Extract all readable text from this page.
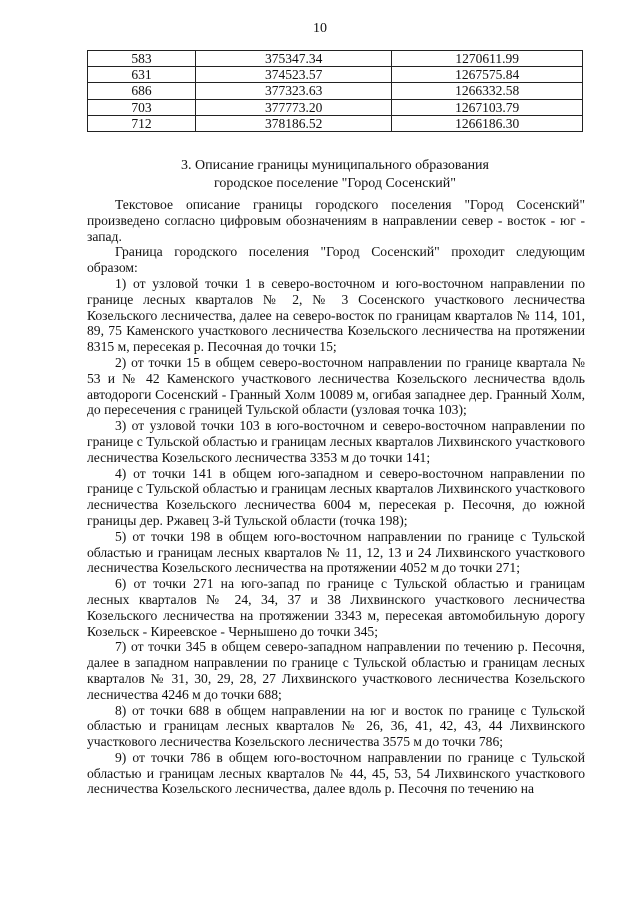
10
583	375347.34	1270611.99
631	374523.57	1267575.84
686	377323.63	1266332.58
703	377773.20	1267103.79
712	378186.52	1266186.30
3. Описание границы муниципального образования
городское поселение "Город Сосенский"

Текстовое описание границы городского поселения "Город Сосенский" произведено согласно цифровым обозначениям в направлении север - восток - юг - запад.

Граница городского поселения "Город Сосенский" проходит следующим образом:

1) от узловой точки 1 в северо-восточном и юго-восточном направлении по границе лесных кварталов № 2, № 3 Сосенского участкового лесничества Козельского лесничества, далее на северо-восток по границам кварталов № 114, 101, 89, 75 Каменского участкового лесничества Козельского лесничества на протяжении 8315 м, пересекая р. Песочная до точки 15;

2) от точки 15 в общем северо-восточном направлении по границе квартала № 53 и № 42 Каменского участкового лесничества Козельского лесничества вдоль автодороги Сосенский - Гранный Холм 10089 м, огибая западнее дер. Гранный Холм, до пересечения с границей Тульской области (узловая точка 103);

3) от узловой точки 103 в юго-восточном и северо-восточном направлении по границе с Тульской областью и границам лесных кварталов Лихвинского участкового лесничества Козельского лесничества 3353 м до точки 141;

4) от точки 141 в общем юго-западном и северо-восточном направлении по границе с Тульской областью и границам лесных кварталов Лихвинского участкового лесничества Козельского лесничества 6004 м, пересекая р. Песочня, до южной границы дер. Ржавец 3-й Тульской области (точка 198);

5) от точки 198 в общем юго-восточном направлении по границе с Тульской областью и границам лесных кварталов № 11, 12, 13 и 24 Лихвинского участкового лесничества Козельского лесничества на протяжении 4052 м до точки 271;

6) от точки 271 на юго-запад по границе с Тульской областью и границам лесных кварталов № 24, 34, 37 и 38 Лихвинского участкового лесничества Козельского лесничества на протяжении 3343 м, пересекая автомобильную дорогу Козельск - Киреевское - Чернышено до точки 345;

7) от точки 345 в общем северо-западном направлении по течению р. Песочня, далее в западном направлении по границе с Тульской областью и границам лесных кварталов № 31, 30, 29, 28, 27 Лихвинского участкового лесничества Козельского лесничества 4246 м до точки 688;

8) от точки 688 в общем направлении на юг и восток по границе с Тульской областью и границам лесных кварталов № 26, 36, 41, 42, 43, 44 Лихвинского участкового лесничества Козельского лесничества 3575 м до точки 786;

9) от точки 786 в общем юго-восточном направлении по границе с Тульской областью и границам лесных кварталов № 44, 45, 53, 54 Лихвинского участкового лесничества Козельского лесничества, далее вдоль р. Песочня по течению на
